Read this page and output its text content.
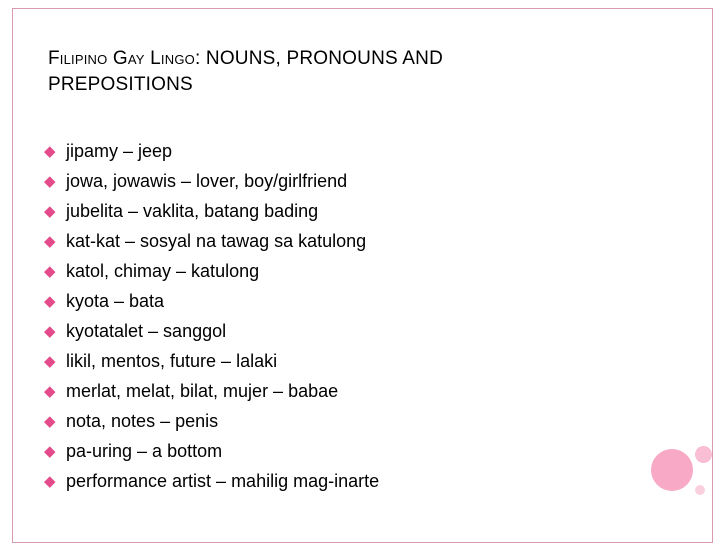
Filipino Gay Lingo: NOUNS, PRONOUNS AND
PREPOSITIONS
◆ jipamy – jeep
◆ jowa, jowawis – lover, boy/girlfriend
◆ jubelita – vaklita, batang bading
◆ kat-kat – sosyal na tawag sa katulong
◆ katol, chimay – katulong
◆ kyota – bata
◆ kyotatalet – sanggol
◆ likil, mentos, future – lalaki
◆ merlat, melat, bilat, mujer – babae
◆ nota, notes – penis
◆ pa-uring – a bottom
◆ performance artist – mahilig mag-inarte
